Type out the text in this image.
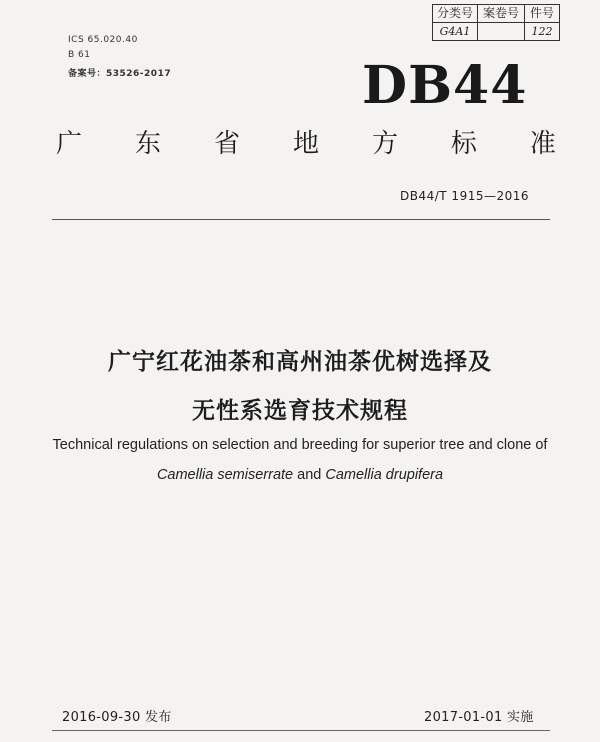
分类号	案卷号	件号
G4A1		122
ICS 65.020.40
B 61
备案号：53526-2017	DB44
广 东 省 地 方 标 准
DB44/T 1915—2016
广宁红花油茶和高州油茶优树选择及
无性系选育技术规程
Technical regulations on selection and breeding for superior tree and clone of
Camellia semiserrate and Camellia drupifera
2016-09-30 发布	2017-01-01 实施
